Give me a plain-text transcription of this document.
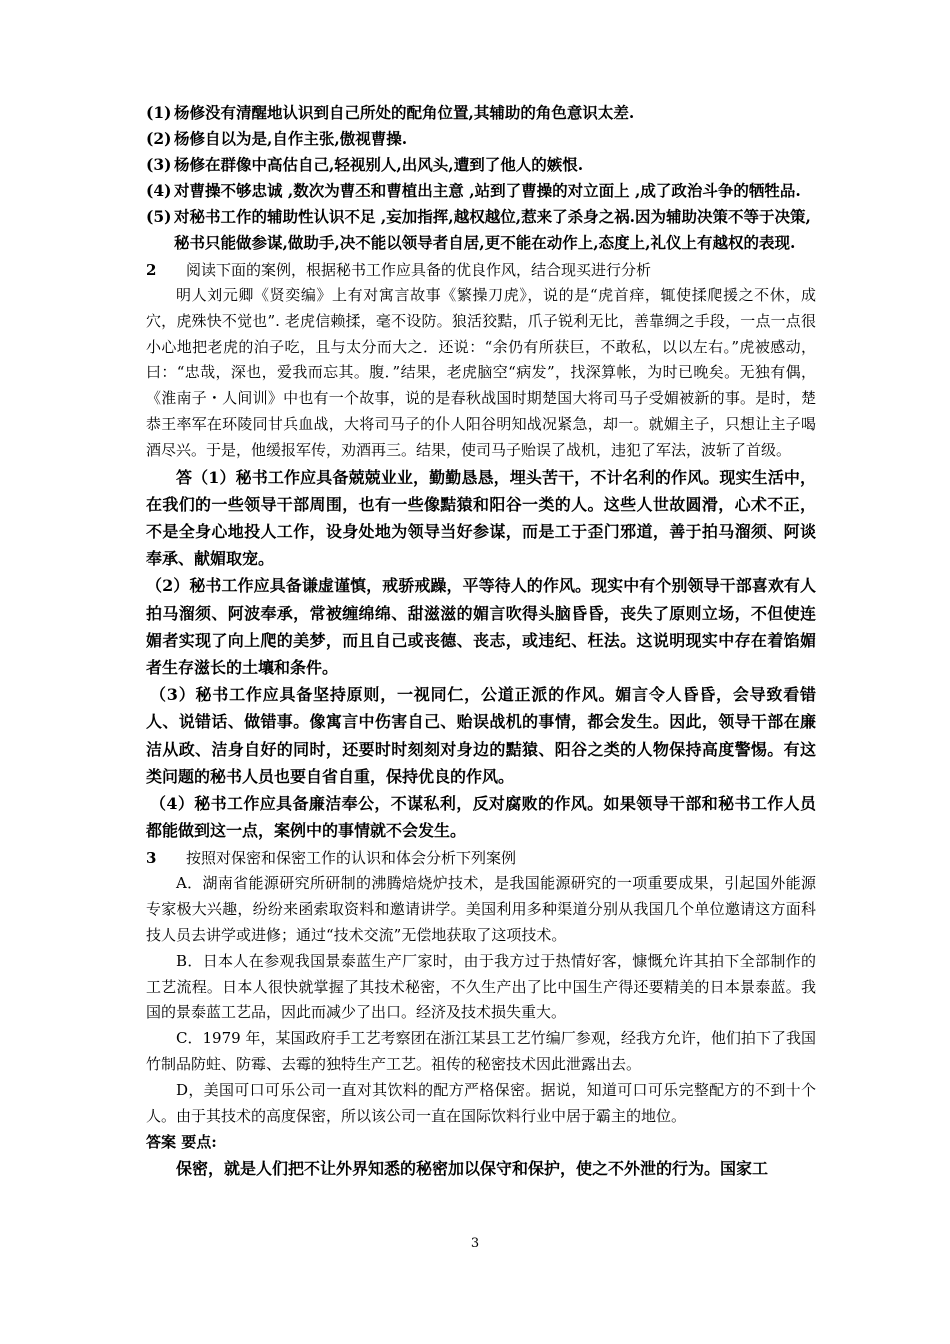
(1) 杨修没有清醒地认识到自己所处的配角位置,其辅助的角色意识太差.
(2) 杨修自以为是,自作主张,傲视曹操.
(3) 杨修在群像中高估自己,轻视别人,出风头,遭到了他人的嫉恨.
(4) 对曹操不够忠诚 ,数次为曹丕和曹植出主意 ,站到了曹操的对立面上 ,成了政治斗争的牺牲品.
(5) 对秘书工作的辅助性认识不足 ,妄加指挥,越权越位,惹来了杀身之祸.因为辅助决策不等于决策,秘书只能做参谋,做助手,决不能以领导者自居,更不能在动作上,态度上,礼仪上有越权的表现.
2	阅读下面的案例，根据秘书工作应具备的优良作风，结合现买进行分析

明人刘元卿《贤奕编》上有对寓言故事《繁操刀虎》，说的是“虎首痒，辄使揉爬援之不休，成穴，虎殊快不觉也”. 老虎信赖揉，毫不设防。狼活狡黠，爪子锐利无比，善靠绸之手段，一点一点很小心地把老虎的泊子吃，且与太分而大之．还说：“余仍有所获巨，不敢私，以以左右。”虎被感动，曰：“忠哉，深也，爱我而忘其。腹．”结果，老虎脑空“病发”，找深算帐，为时已晚矣。无独有偶，《淮南子・人间训》中也有一个故事，说的是春秋战国时期楚国大将司马子受媚被新的事。是时，楚恭王率军在环陵同甘兵血战，大将司马子的仆人阳谷明知战况紧急，却一。就媚主子，只想让主子喝酒尽兴。于是，他缓报军传，劝酒再三。结果，使司马子贻误了战机，违犯了军法，波斩了首级。

答（1）秘书工作应具备兢兢业业，勤勤恳恳，埋头苦干，不计名利的作风。现实生活中，在我们的一些领导干部周围，也有一些像黠猿和阳谷一类的人。这些人世故圆滑，心术不正，不是全身心地投人工作，设身处地为领导当好参谋，而是工于歪门邪道，善于拍马溜须、阿谈奉承、献媚取宠。

（2）秘书工作应具备谦虚谨慎，戒骄戒躁，平等待人的作风。现实中有个别领导干部喜欢有人拍马溜须、阿波奉承，常被缠绵绵、甜滋滋的媚言吹得头脑昏昏，丧失了原则立场，不但使连媚者实现了向上爬的美梦，而且自己或丧德、丧志，或违纪、枉法。这说明现实中存在着馅媚者生存滋长的土壤和条件。

（3）秘书工作应具备坚持原则，一视同仁，公道正派的作风。媚言令人昏昏，会导致看错人、说错话、做错事。像寓言中伤害自己、贻误战机的事情，都会发生。因此，领导干部在廉洁从政、洁身自好的同时，还要时时刻刻对身边的黠猿、阳谷之类的人物保持高度警惕。有这类问题的秘书人员也要自省自重，保持优良的作风。

（4）秘书工作应具备廉洁奉公，不谋私利，反对腐败的作风。如果领导干部和秘书工作人员都能做到这一点，案例中的事情就不会发生。

3	按照对保密和保密工作的认识和体会分析下列案例

A．湖南省能源研究所研制的沸腾焙烧炉技术，是我国能源研究的一项重要成果，引起国外能源专家极大兴趣，纷纷来函索取资料和邀请讲学。美国利用多种渠道分别从我国几个单位邀请这方面科技人员去讲学或进修；通过“技术交流”无偿地获取了这项技术。

B．日本人在参观我国景泰蓝生产厂家时，由于我方过于热情好客，慷慨允许其拍下全部制作的工艺流程。日本人很快就掌握了其技术秘密，不久生产出了比中国生产得还要精美的日本景泰蓝。我国的景泰蓝工艺品，因此而减少了出口。经济及技术损失重大。

C．1979 年，某国政府手工艺考察团在浙江某县工艺竹编厂参观，经我方允许，他们拍下了我国竹制品防蛀、防霉、去霉的独特生产工艺。祖传的秘密技术因此泄露出去。

D，美国可口可乐公司一直对其饮料的配方严格保密。据说，知道可口可乐完整配方的不到十个人。由于其技术的高度保密，所以该公司一直在国际饮料行业中居于霸主的地位。

答案 要点:

保密，就是人们把不让外界知悉的秘密加以保守和保护，使之不外泄的行为。国家工

3
